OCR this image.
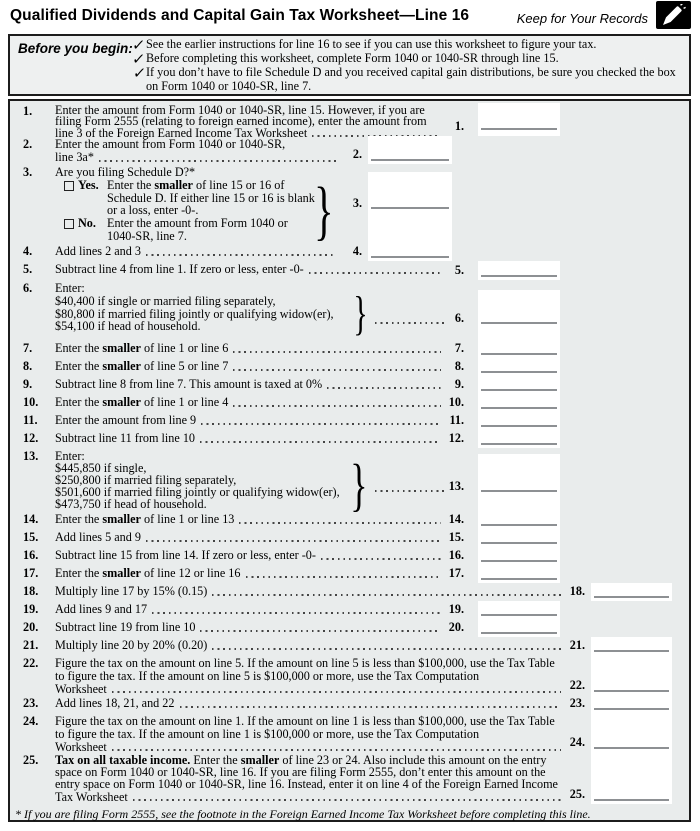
Qualified Dividends and Capital Gain Tax Worksheet—Line 16	Keep for Your Records
Before you begin:
✓ See the earlier instructions for line 16 to see if you can use this worksheet to figure your tax.
✓ Before completing this worksheet, complete Form 1040 or 1040-SR through line 15.
✓ If you don’t have to file Schedule D and you received capital gain distributions, be sure you checked the box
on Form 1040 or 1040-SR, line 7.
1.	Enter the amount from Form 1040 or 1040-SR, line 15. However, if you are
filing Form 2555 (relating to foreign earned income), enter the amount from
line 3 of the Foreign Earned Income Tax Worksheet	1.
2.	Enter the amount from Form 1040 or 1040-SR,
line 3a*	2.
3.	Are you filing Schedule D?*
Yes. Enter the smaller of line 15 or 16 of
Schedule D. If either line 15 or 16 is blank
or a loss, enter -0-.
No. Enter the amount from Form 1040 or
1040-SR, line 7.	}	3.
4.	Add lines 2 and 3	4.
5.	Subtract line 4 from line 1. If zero or less, enter -0-	5.
6.	Enter:
$40,400 if single or married filing separately,
$80,800 if married filing jointly or qualifying widow(er),
$54,100 if head of household.	}	6.
7.	Enter the smaller of line 1 or line 6	7.
8.	Enter the smaller of line 5 or line 7	8.
9.	Subtract line 8 from line 7. This amount is taxed at 0%	9.
10.	Enter the smaller of line 1 or line 4	10.
11.	Enter the amount from line 9	11.
12.	Subtract line 11 from line 10	12.
13.	Enter:
$445,850 if single,
$250,800 if married filing separately,
$501,600 if married filing jointly or qualifying widow(er),
$473,750 if head of household.	}	13.
14.	Enter the smaller of line 1 or line 13	14.
15.	Add lines 5 and 9	15.
16.	Subtract line 15 from line 14. If zero or less, enter -0-	16.
17.	Enter the smaller of line 12 or line 16	17.
18.	Multiply line 17 by 15% (0.15)	18.
19.	Add lines 9 and 17	19.
20.	Subtract line 19 from line 10	20.
21.	Multiply line 20 by 20% (0.20)	21.
22.	Figure the tax on the amount on line 5. If the amount on line 5 is less than $100,000, use the Tax Table
to figure the tax. If the amount on line 5 is $100,000 or more, use the Tax Computation
Worksheet	22.
23.	Add lines 18, 21, and 22	23.
24.	Figure the tax on the amount on line 1. If the amount on line 1 is less than $100,000, use the Tax Table
to figure the tax. If the amount on line 1 is $100,000 or more, use the Tax Computation
Worksheet	24.
25.	Tax on all taxable income. Enter the smaller of line 23 or 24. Also include this amount on the entry
space on Form 1040 or 1040-SR, line 16. If you are filing Form 2555, don’t enter this amount on the
entry space on Form 1040 or 1040-SR, line 16. Instead, enter it on line 4 of the Foreign Earned Income
Tax Worksheet	25.
* If you are filing Form 2555, see the footnote in the Foreign Earned Income Tax Worksheet before completing this line.
